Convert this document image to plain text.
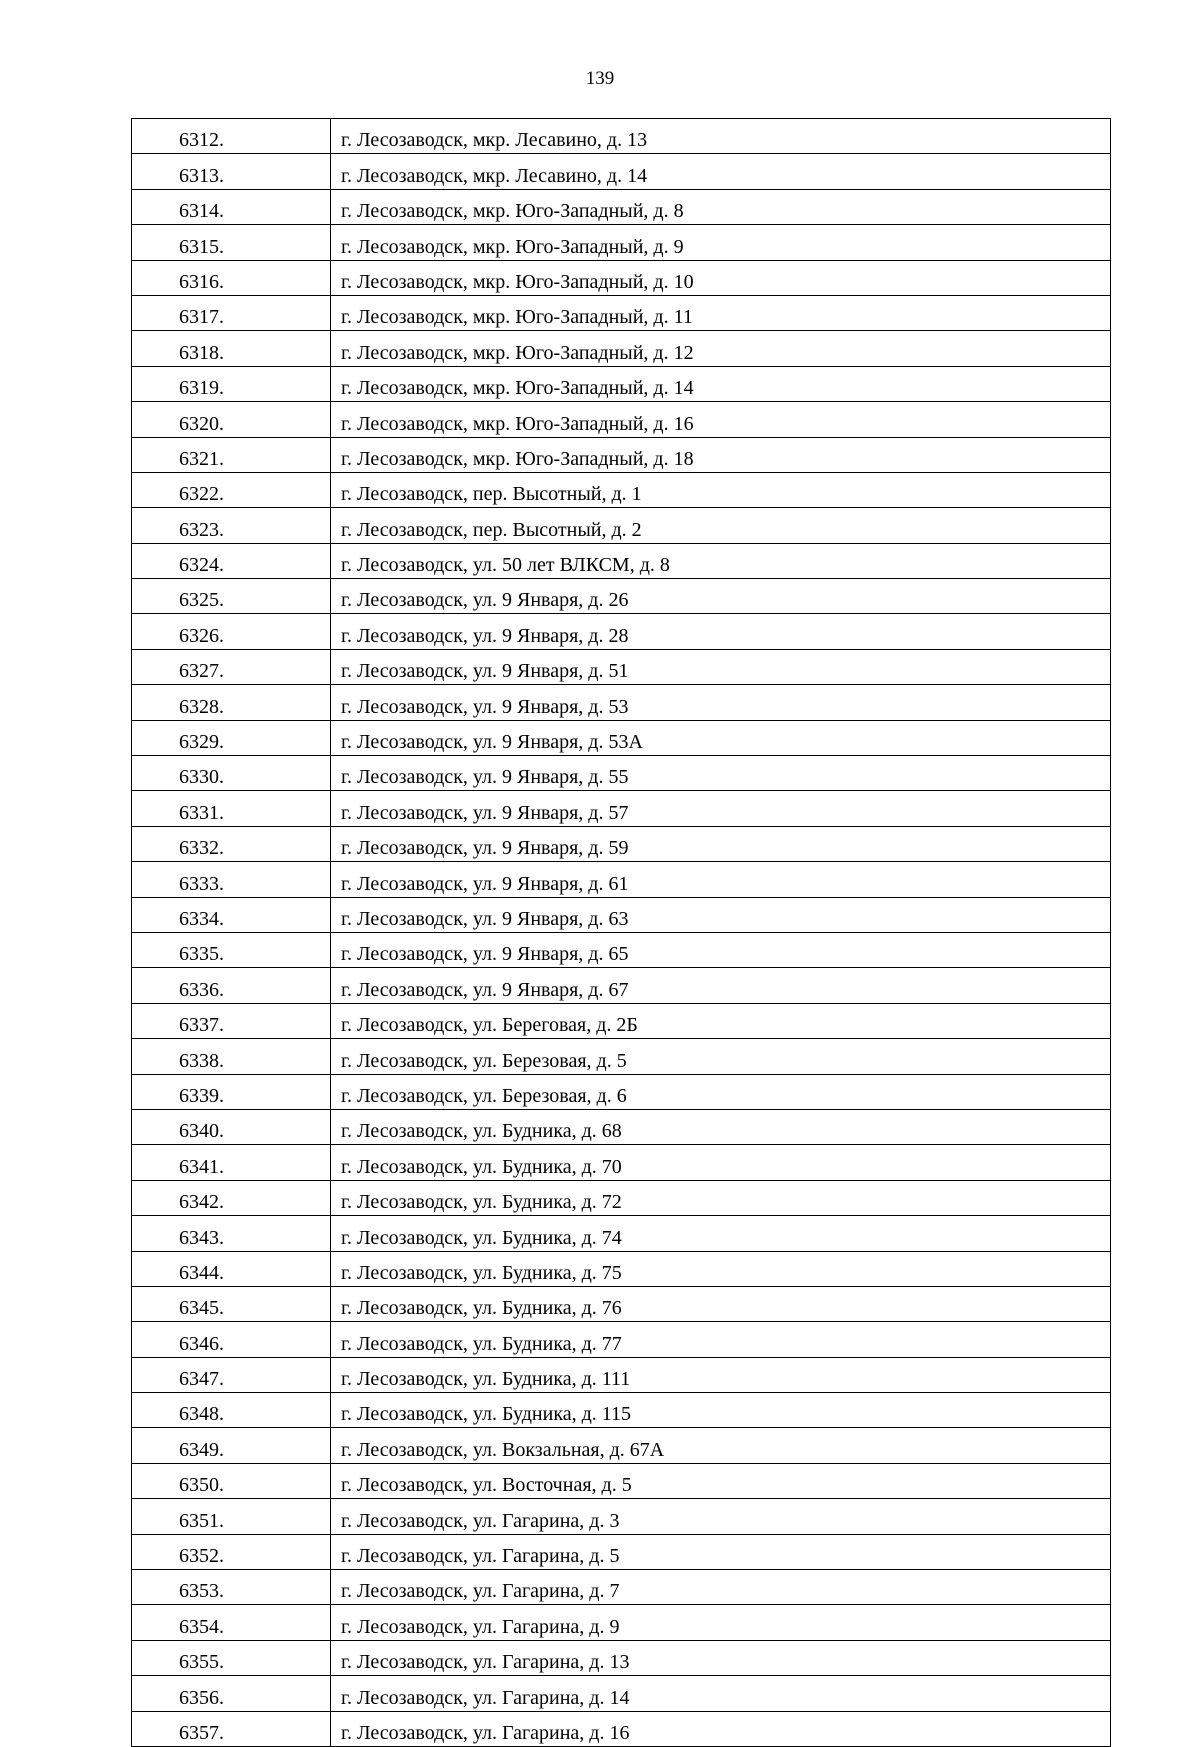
139
6312.	г. Лесозаводск, мкр. Лесавино, д. 13
6313.	г. Лесозаводск, мкр. Лесавино, д. 14
6314.	г. Лесозаводск, мкр. Юго-Западный, д. 8
6315.	г. Лесозаводск, мкр. Юго-Западный, д. 9
6316.	г. Лесозаводск, мкр. Юго-Западный, д. 10
6317.	г. Лесозаводск, мкр. Юго-Западный, д. 11
6318.	г. Лесозаводск, мкр. Юго-Западный, д. 12
6319.	г. Лесозаводск, мкр. Юго-Западный, д. 14
6320.	г. Лесозаводск, мкр. Юго-Западный, д. 16
6321.	г. Лесозаводск, мкр. Юго-Западный, д. 18
6322.	г. Лесозаводск, пер. Высотный, д. 1
6323.	г. Лесозаводск, пер. Высотный, д. 2
6324.	г. Лесозаводск, ул. 50 лет ВЛКСМ, д. 8
6325.	г. Лесозаводск, ул. 9 Января, д. 26
6326.	г. Лесозаводск, ул. 9 Января, д. 28
6327.	г. Лесозаводск, ул. 9 Января, д. 51
6328.	г. Лесозаводск, ул. 9 Января, д. 53
6329.	г. Лесозаводск, ул. 9 Января, д. 53А
6330.	г. Лесозаводск, ул. 9 Января, д. 55
6331.	г. Лесозаводск, ул. 9 Января, д. 57
6332.	г. Лесозаводск, ул. 9 Января, д. 59
6333.	г. Лесозаводск, ул. 9 Января, д. 61
6334.	г. Лесозаводск, ул. 9 Января, д. 63
6335.	г. Лесозаводск, ул. 9 Января, д. 65
6336.	г. Лесозаводск, ул. 9 Января, д. 67
6337.	г. Лесозаводск, ул. Береговая, д. 2Б
6338.	г. Лесозаводск, ул. Березовая, д. 5
6339.	г. Лесозаводск, ул. Березовая, д. 6
6340.	г. Лесозаводск, ул. Будника, д. 68
6341.	г. Лесозаводск, ул. Будника, д. 70
6342.	г. Лесозаводск, ул. Будника, д. 72
6343.	г. Лесозаводск, ул. Будника, д. 74
6344.	г. Лесозаводск, ул. Будника, д. 75
6345.	г. Лесозаводск, ул. Будника, д. 76
6346.	г. Лесозаводск, ул. Будника, д. 77
6347.	г. Лесозаводск, ул. Будника, д. 111
6348.	г. Лесозаводск, ул. Будника, д. 115
6349.	г. Лесозаводск, ул. Вокзальная, д. 67А
6350.	г. Лесозаводск, ул. Восточная, д. 5
6351.	г. Лесозаводск, ул. Гагарина, д. 3
6352.	г. Лесозаводск, ул. Гагарина, д. 5
6353.	г. Лесозаводск, ул. Гагарина, д. 7
6354.	г. Лесозаводск, ул. Гагарина, д. 9
6355.	г. Лесозаводск, ул. Гагарина, д. 13
6356.	г. Лесозаводск, ул. Гагарина, д. 14
6357.	г. Лесозаводск, ул. Гагарина, д. 16
